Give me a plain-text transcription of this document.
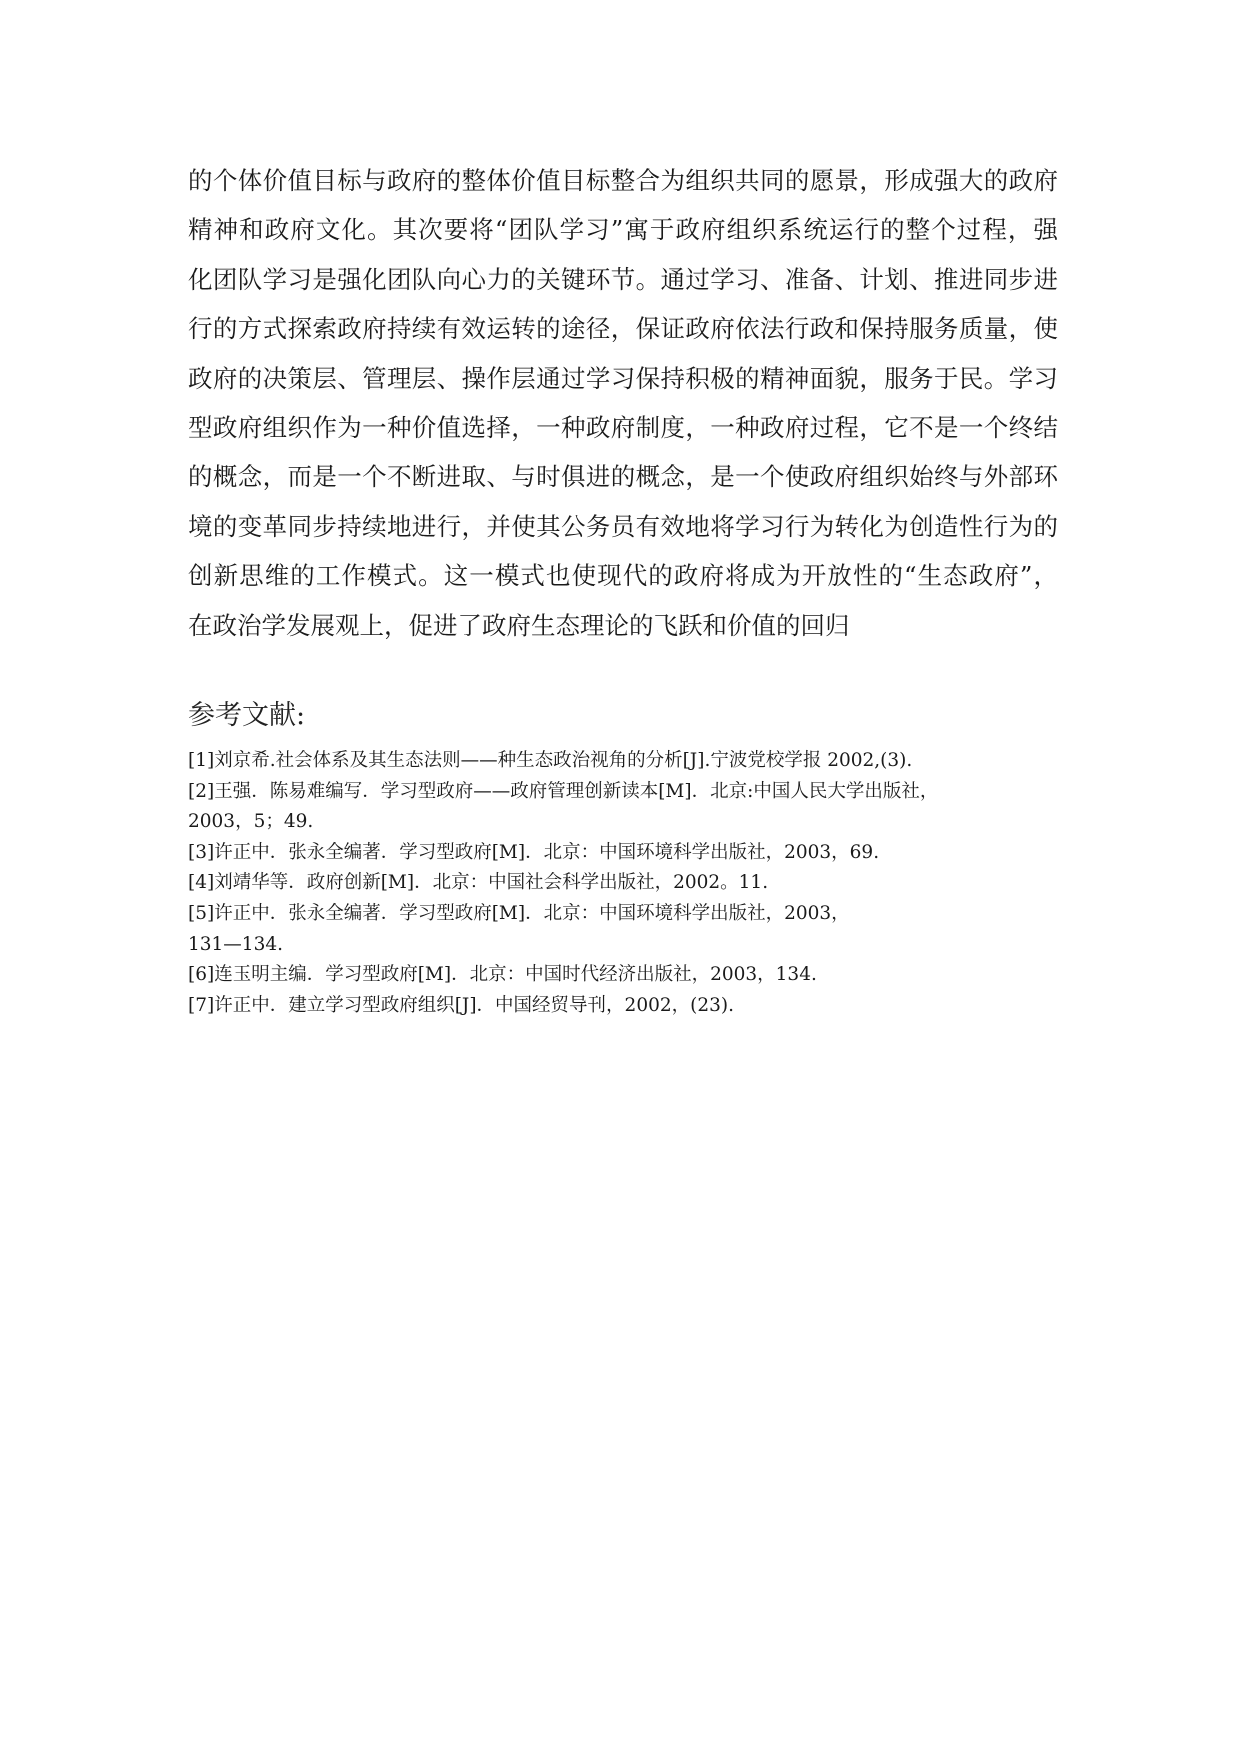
的个体价值目标与政府的整体价值目标整合为组织共同的愿景，形成强大的政府
精神和政府文化。其次要将“团队学习”寓于政府组织系统运行的整个过程，强
化团队学习是强化团队向心力的关键环节。通过学习、准备、计划、推进同步进
行的方式探索政府持续有效运转的途径，保证政府依法行政和保持服务质量，使
政府的决策层、管理层、操作层通过学习保持积极的精神面貌，服务于民。学习
型政府组织作为一种价值选择，一种政府制度，一种政府过程，它不是一个终结
的概念，而是一个不断进取、与时俱进的概念，是一个使政府组织始终与外部环
境的变革同步持续地进行，并使其公务员有效地将学习行为转化为创造性行为的
创新思维的工作模式。这一模式也使现代的政府将成为开放性的“生态政府”，
在政治学发展观上，促进了政府生态理论的飞跃和价值的回归
参考文献:
[1]刘京希.社会体系及其生态法则——种生态政治视角的分析[J].宁波党校学报 2002,(3).
[2]王强．陈易难编写．学习型政府——政府管理创新读本[M]．北京:中国人民大学出版社，
2003，5；49.
[3]许正中．张永全编著．学习型政府[M]．北京：中国环境科学出版社，2003，69.
[4]刘靖华等．政府创新[M]．北京：中国社会科学出版社，2002。11.
[5]许正中．张永全编著．学习型政府[M]．北京：中国环境科学出版社，2003，
131—134.
[6]连玉明主编．学习型政府[M]．北京：中国时代经济出版社，2003，134.
[7]许正中．建立学习型政府组织[J]．中国经贸导刊，2002，(23).
